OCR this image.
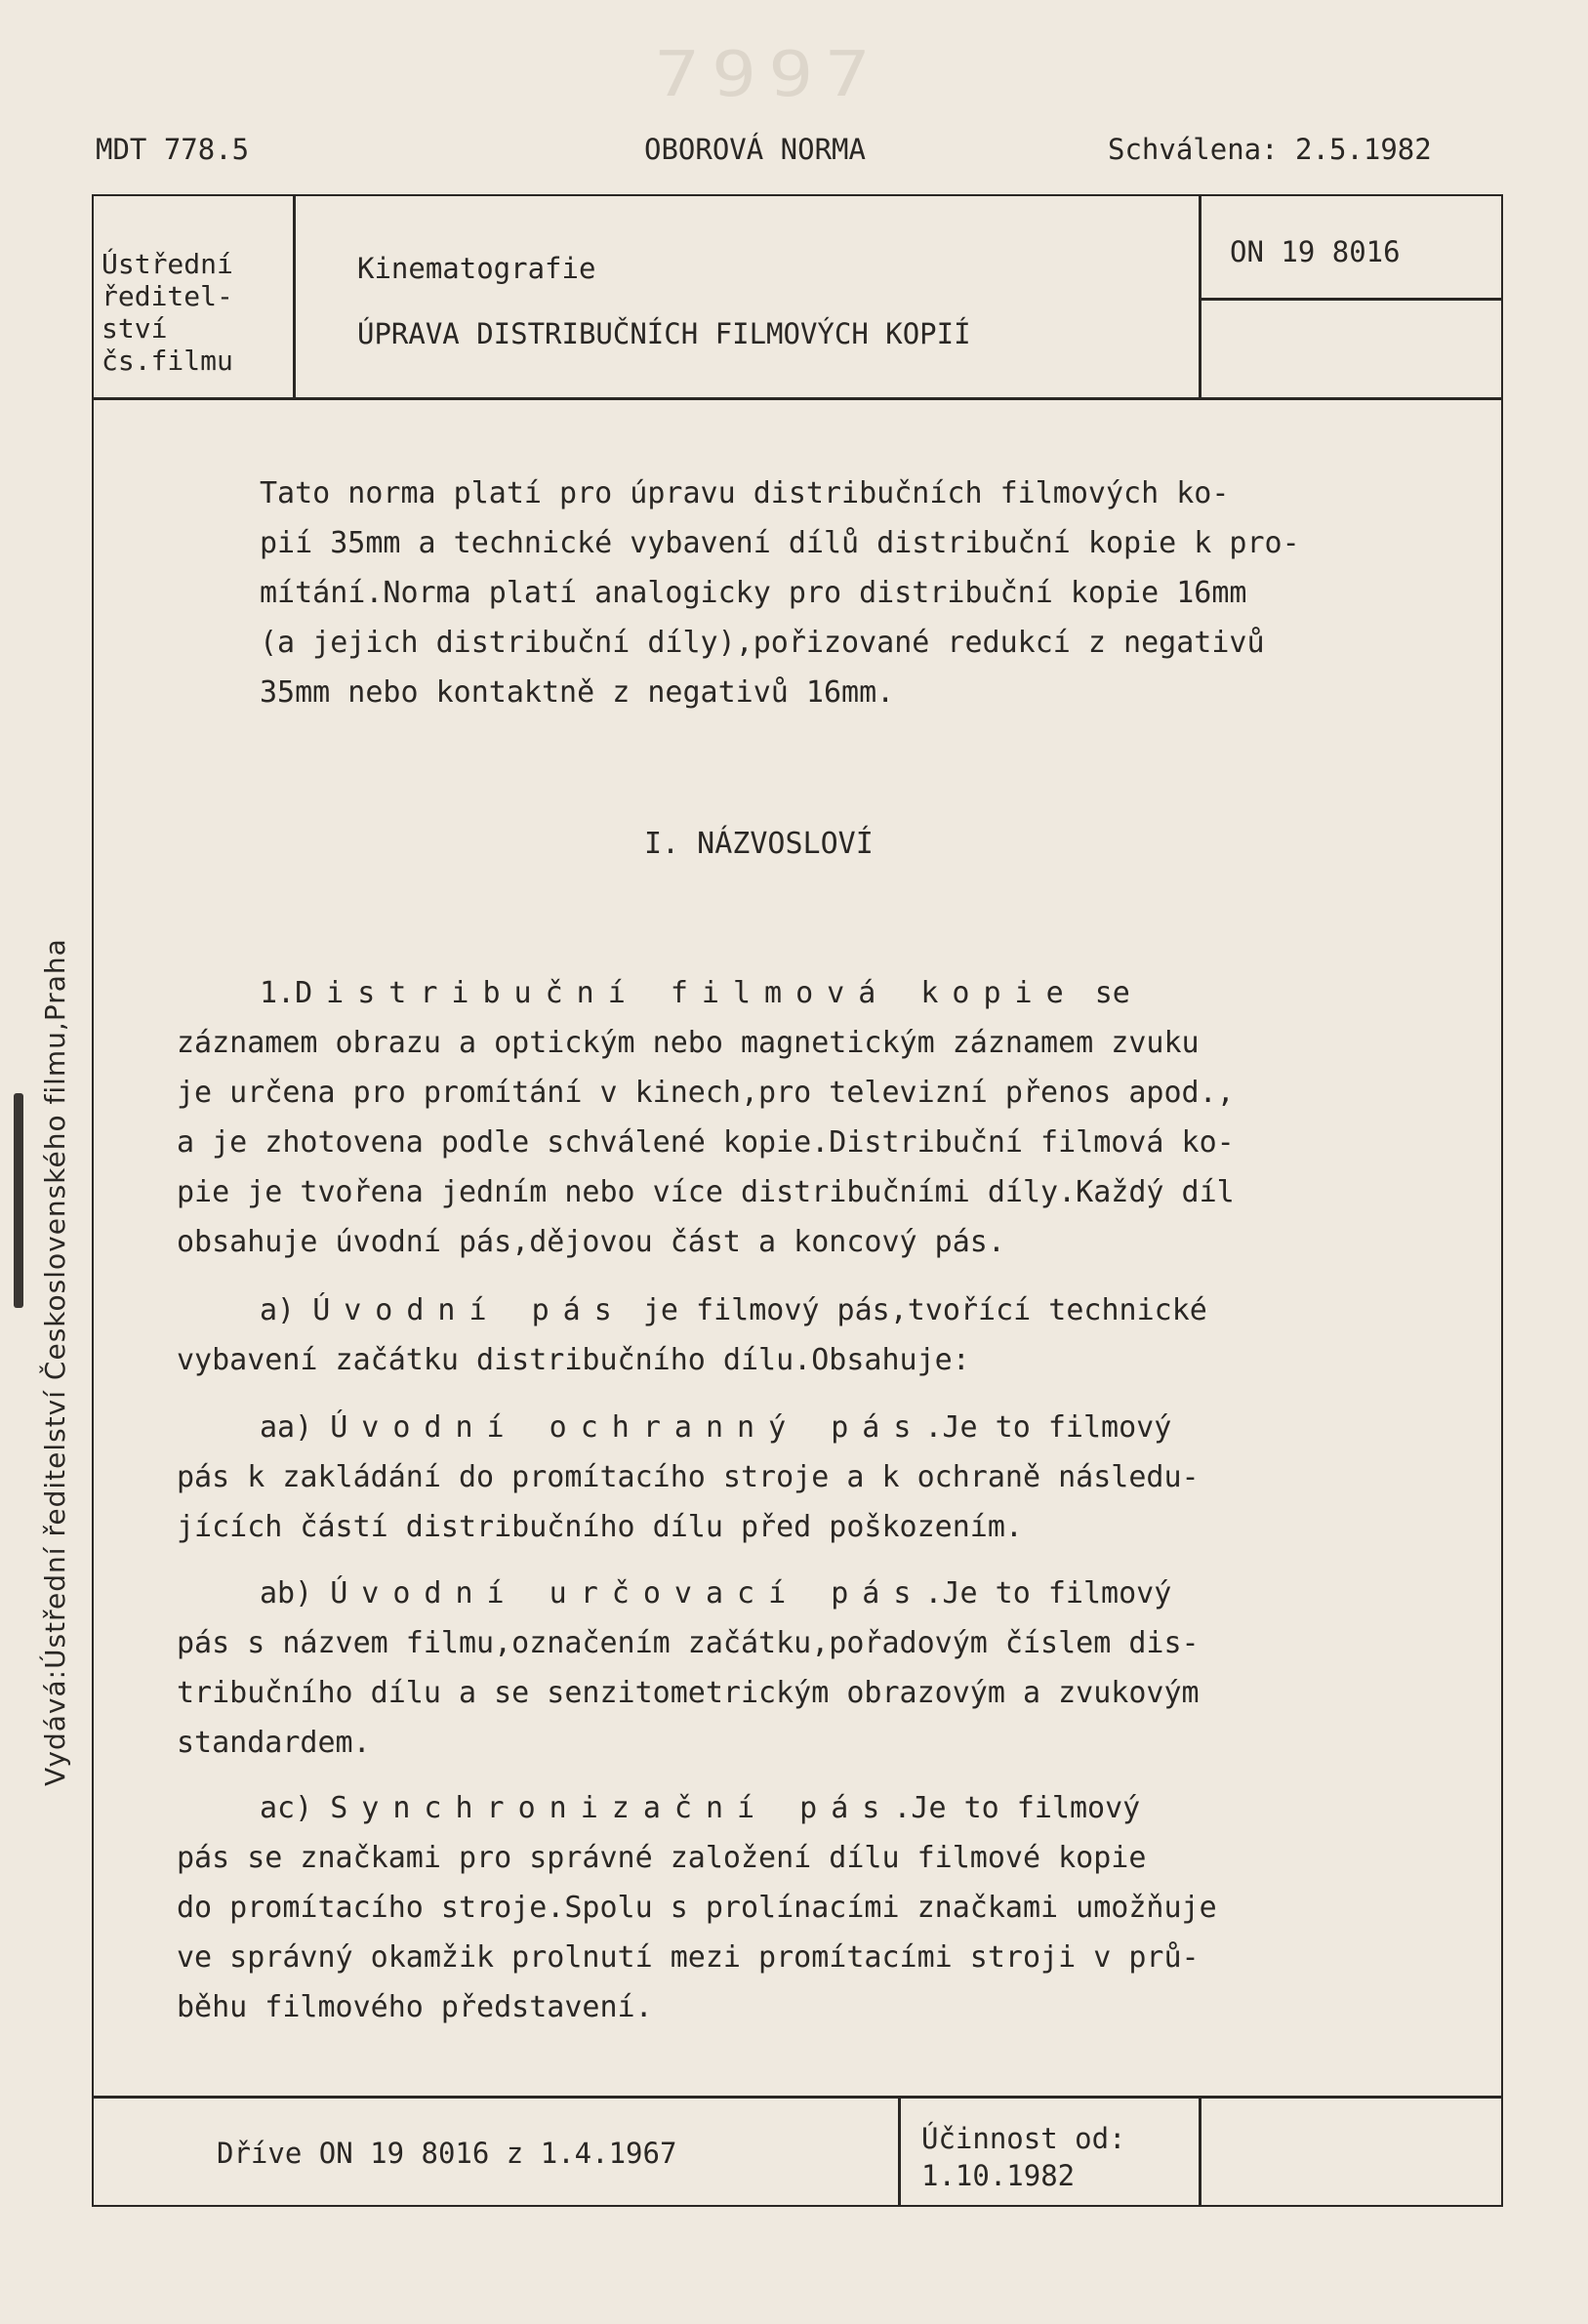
7997
MDT 778.5	OBOROVÁ NORMA	Schválena: 2.5.1982
Ústřední
ředitel-
ství
čs.filmu
Kinematografie
ÚPRAVA DISTRIBUČNÍCH FILMOVÝCH KOPIÍ
ON 19 8016
Tato norma platí pro úpravu distribučních filmových ko-
pií 35mm a technické vybavení dílů distribuční kopie k pro-
mítání.Norma platí analogicky pro distribuční kopie 16mm
(a jejich distribuční díly),pořizované redukcí z negativů
35mm nebo kontaktně z negativů 16mm.
I. NÁZVOSLOVÍ
1.Distribuční filmová kopie se
záznamem obrazu a optickým nebo magnetickým záznamem zvuku
je určena pro promítání v kinech,pro televizní přenos apod.,
a je zhotovena podle schválené kopie.Distribuční filmová ko-
pie je tvořena jedním nebo více distribučními díly.Každý díl
obsahuje úvodní pás,dějovou část a koncový pás.
a) Úvodní pás je filmový pás,tvořící technické
vybavení začátku distribučního dílu.Obsahuje:
aa) Úvodní ochranný pás.Je to filmový
pás k zakládání do promítacího stroje a k ochraně následu-
jících částí distribučního dílu před poškozením.
ab) Úvodní určovací pás.Je to filmový
pás s názvem filmu,označením začátku,pořadovým číslem dis-
tribučního dílu a se senzitometrickým obrazovým a zvukovým
standardem.
ac) Synchronizační pás.Je to filmový
pás se značkami pro správné založení dílu filmové kopie
do promítacího stroje.Spolu s prolínacími značkami umožňuje
ve správný okamžik prolnutí mezi promítacími stroji v prů-
běhu filmového představení.
Dříve ON 19 8016 z 1.4.1967	Účinnost od:
1.10.1982
Vydává:Ústřední ředitelství Československého filmu,Praha
